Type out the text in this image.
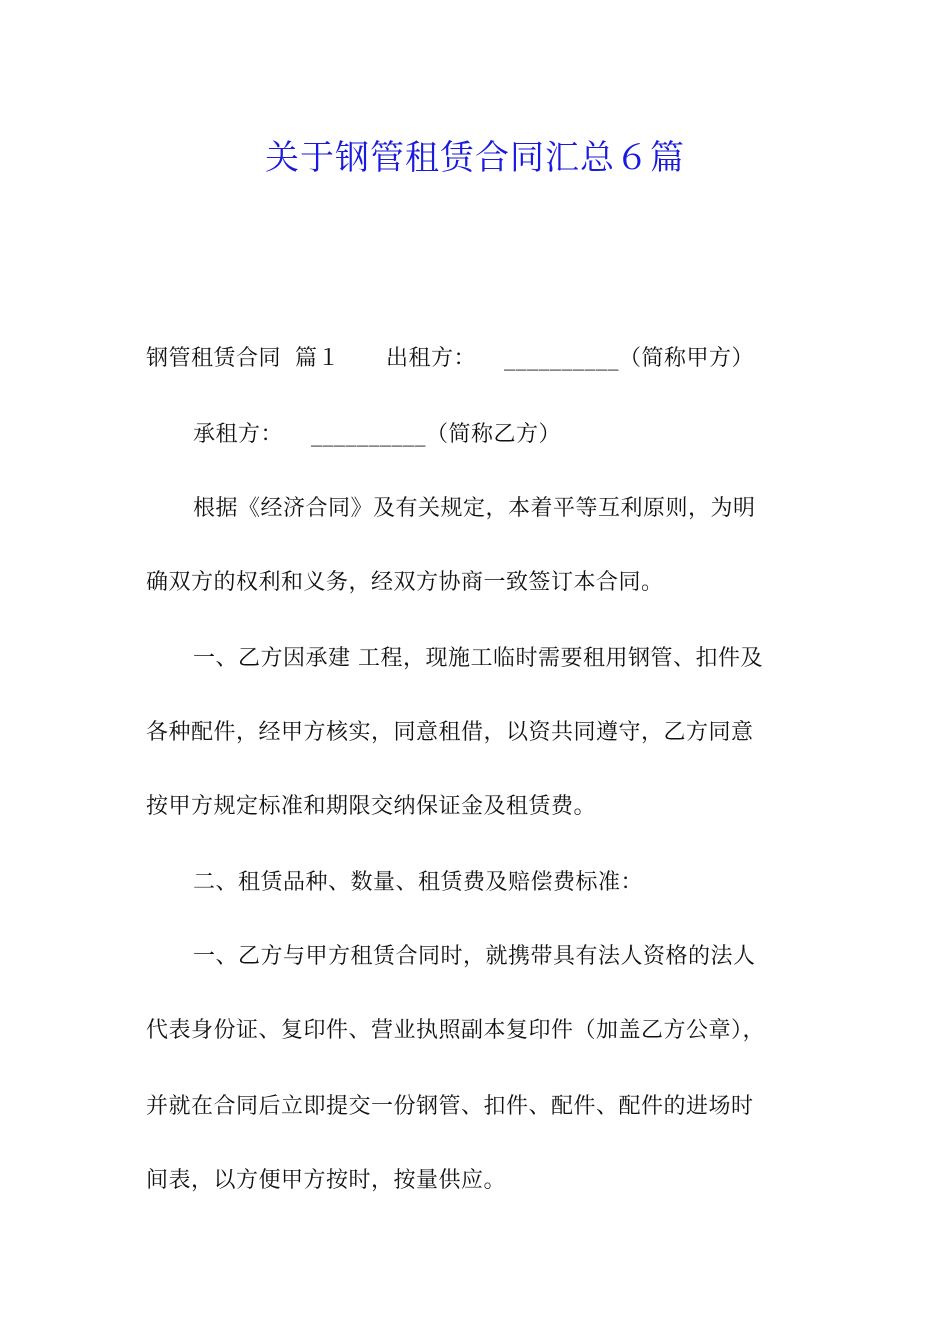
关于钢管租赁合同汇总６篇
钢管租赁合同 篇１ 出租方： __________（简称甲方）
承租方： __________（简称乙方）
根据《经济合同》及有关规定，本着平等互利原则，为明
确双方的权利和义务，经双方协商一致签订本合同。
一、乙方因承建 工程，现施工临时需要租用钢管、扣件及
各种配件，经甲方核实，同意租借，以资共同遵守，乙方同意
按甲方规定标准和期限交纳保证金及租赁费。
二、租赁品种、数量、租赁费及赔偿费标准：
一、乙方与甲方租赁合同时，就携带具有法人资格的法人
代表身份证、复印件、营业执照副本复印件（加盖乙方公章），
并就在合同后立即提交一份钢管、扣件、配件、配件的进场时
间表，以方便甲方按时，按量供应。
